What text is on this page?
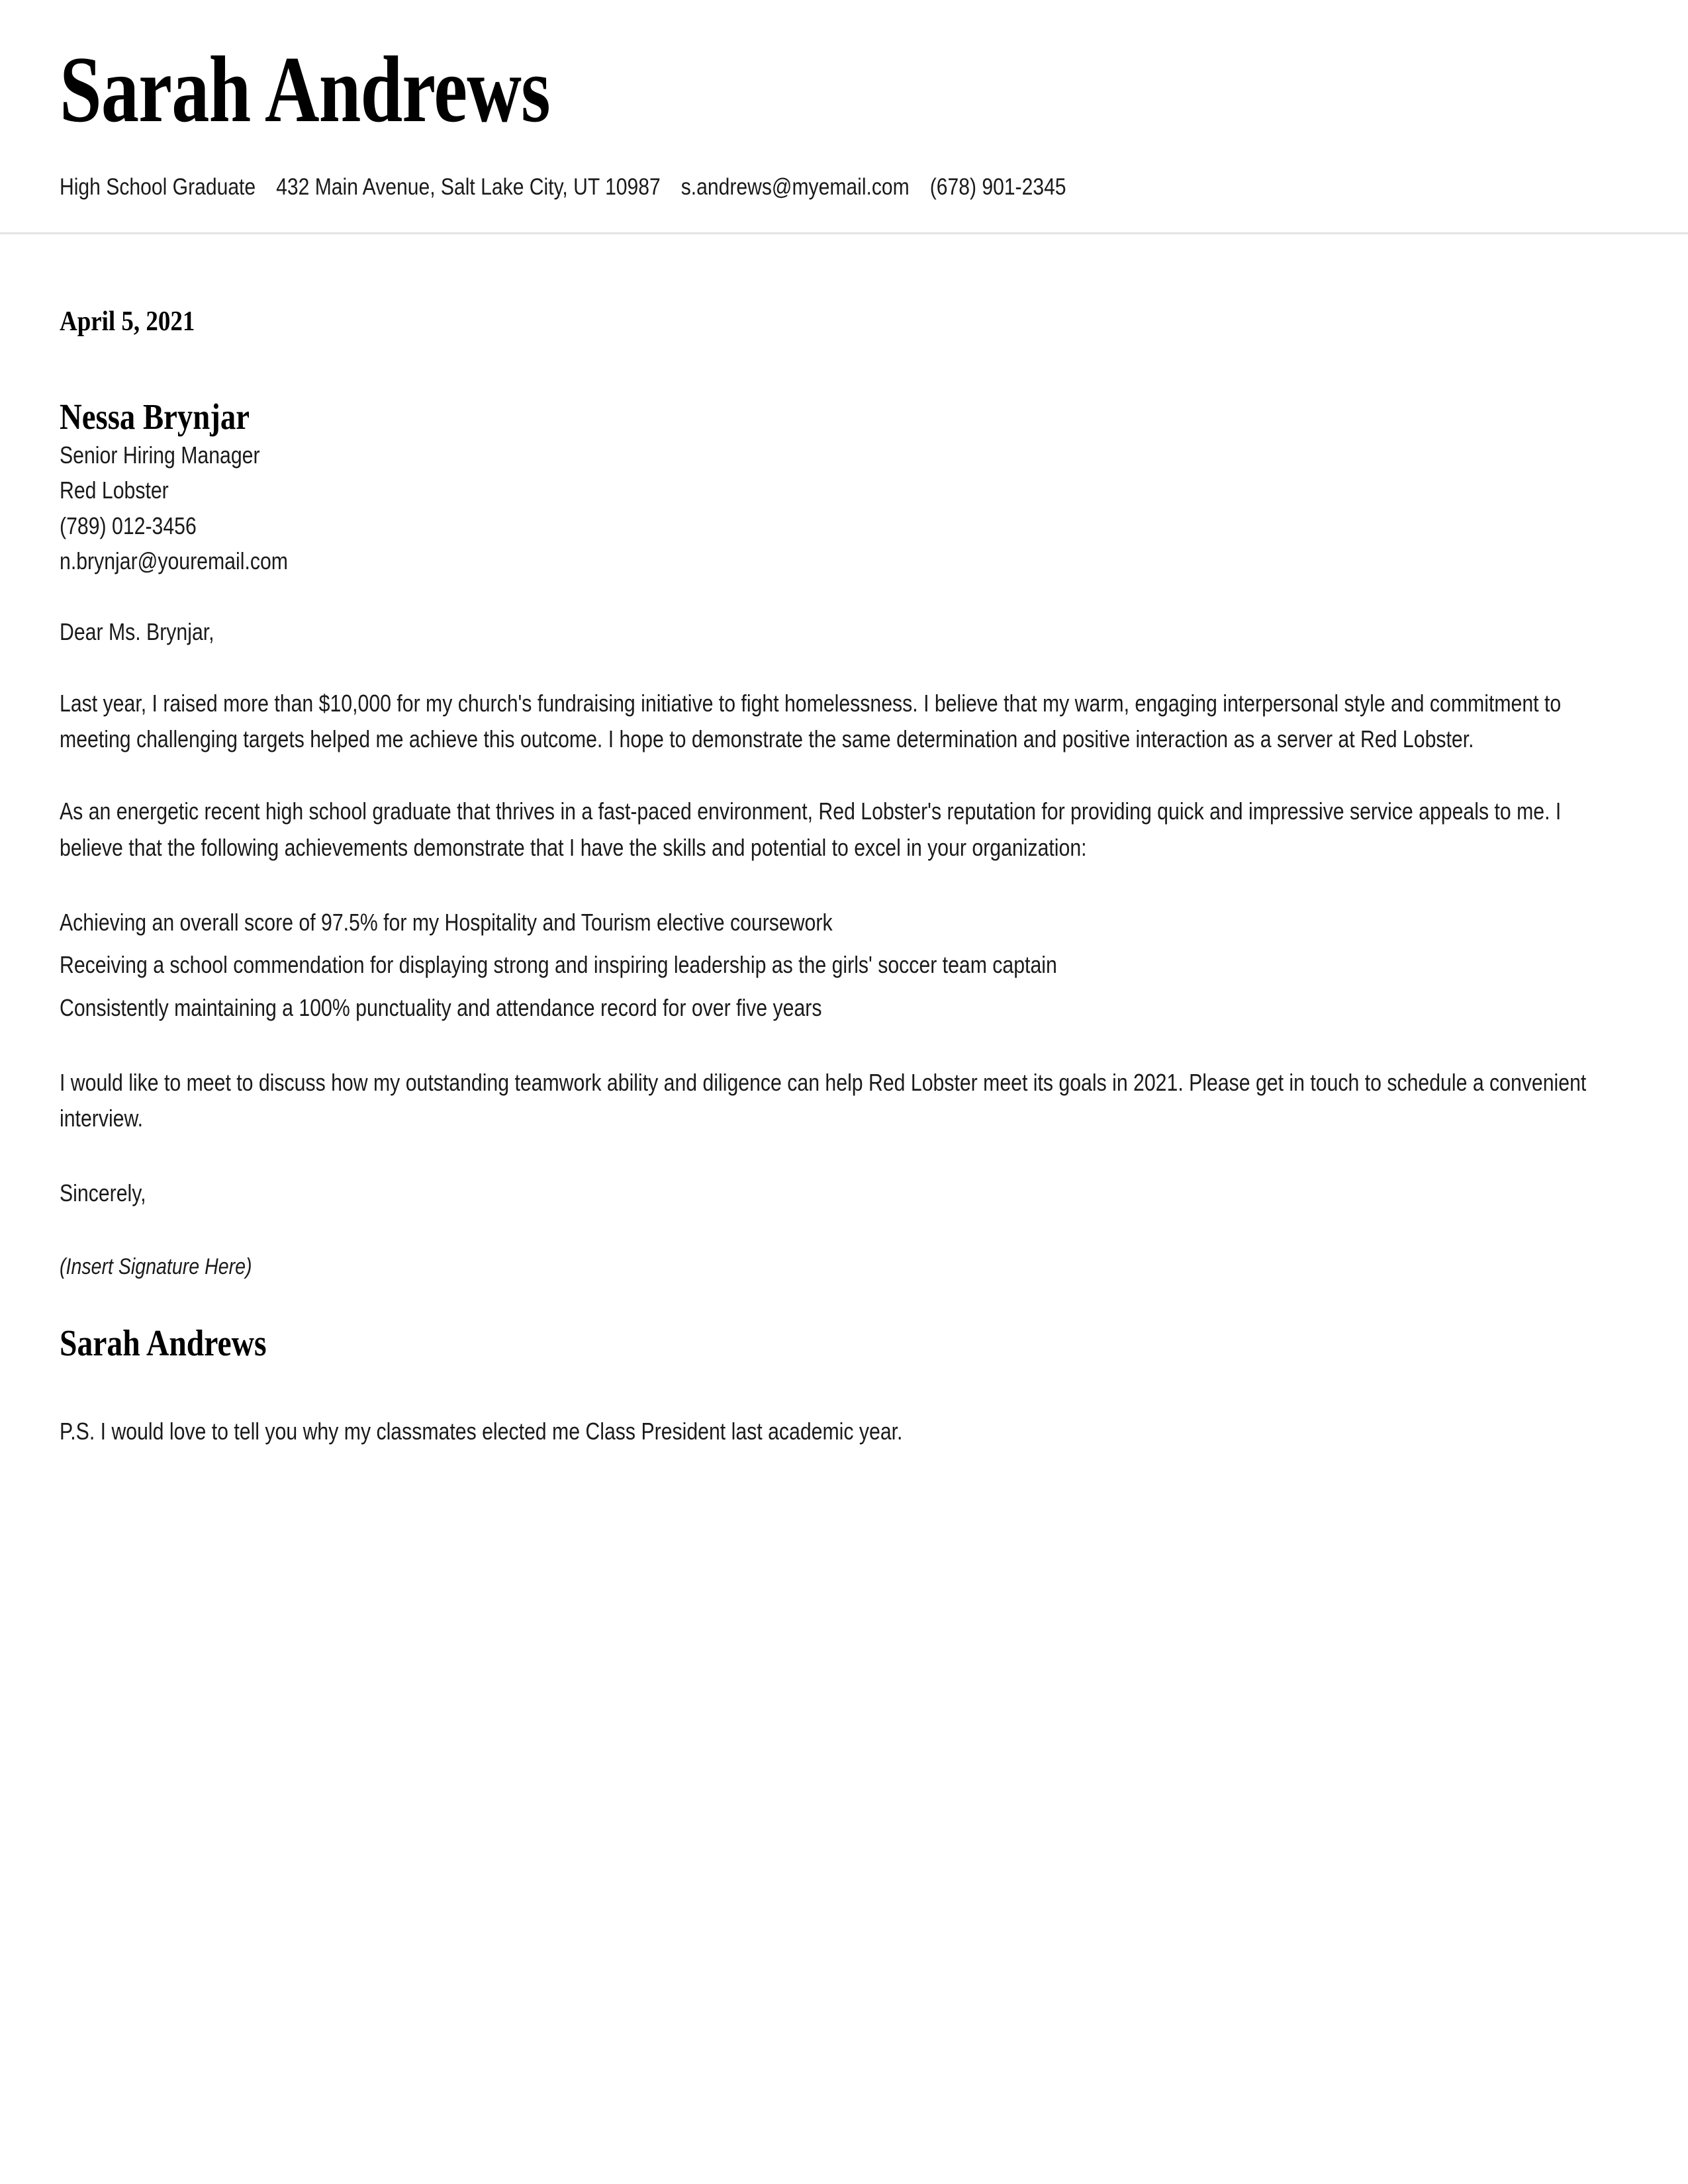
Sarah Andrews
High School Graduate 432 Main Avenue, Salt Lake City, UT 10987 s.andrews@myemail.com (678) 901-2345
April 5, 2021
Nessa Brynjar
Senior Hiring Manager
Red Lobster
(789) 012-3456
n.brynjar@youremail.com
Dear Ms. Brynjar,

Last year, I raised more than $10,000 for my church's fundraising initiative to fight homelessness. I believe that my warm, engaging interpersonal style and commitment to meeting challenging targets helped me achieve this outcome. I hope to demonstrate the same determination and positive interaction as a server at Red Lobster.

As an energetic recent high school graduate that thrives in a fast-paced environment, Red Lobster's reputation for providing quick and impressive service appeals to me. I believe that the following achievements demonstrate that I have the skills and potential to excel in your organization:

Achieving an overall score of 97.5% for my Hospitality and Tourism elective coursework
Receiving a school commendation for displaying strong and inspiring leadership as the girls' soccer team captain
Consistently maintaining a 100% punctuality and attendance record for over five years

I would like to meet to discuss how my outstanding teamwork ability and diligence can help Red Lobster meet its goals in 2021. Please get in touch to schedule a convenient interview.

Sincerely,
(Insert Signature Here)
Sarah Andrews
P.S. I would love to tell you why my classmates elected me Class President last academic year.
